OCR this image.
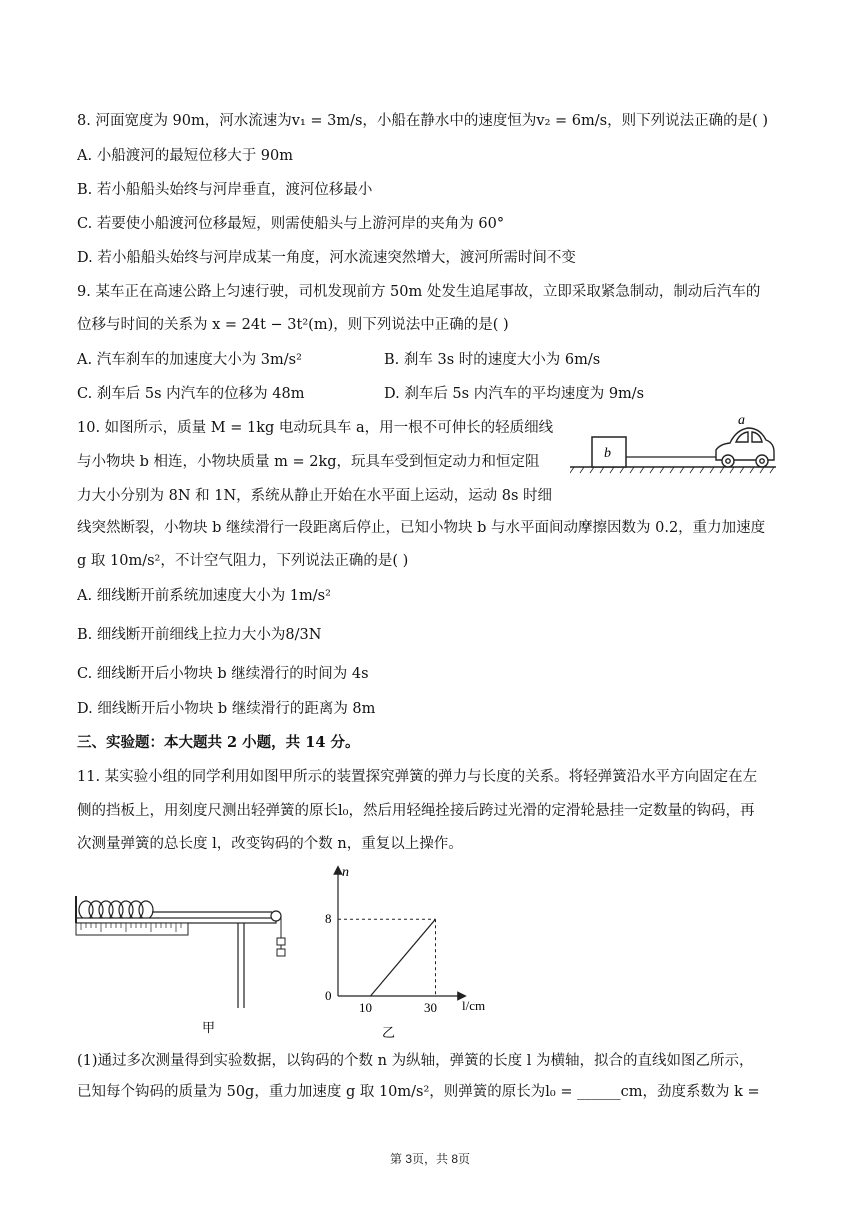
8. 河面宽度为 90m，河水流速为v₁ = 3m/s，小船在静水中的速度恒为v₂ = 6m/s，则下列说法正确的是( )
A. 小船渡河的最短位移大于 90m
B. 若小船船头始终与河岸垂直，渡河位移最小
C. 若要使小船渡河位移最短，则需使船头与上游河岸的夹角为 60°
D. 若小船船头始终与河岸成某一角度，河水流速突然增大，渡河所需时间不变
9. 某车正在高速公路上匀速行驶，司机发现前方 50m 处发生追尾事故，立即采取紧急制动，制动后汽车的
位移与时间的关系为 x = 24t − 3t²(m)，则下列说法中正确的是( )
A. 汽车刹车的加速度大小为 3m/s²	B. 刹车 3s 时的速度大小为 6m/s
C. 刹车后 5s 内汽车的位移为 48m	D. 刹车后 5s 内汽车的平均速度为 9m/s
10. 如图所示，质量 M = 1kg 电动玩具车 a，用一根不可伸长的轻质细线
与小物块 b 相连，小物块质量 m = 2kg，玩具车受到恒定动力和恒定阻
力大小分别为 8N 和 1N，系统从静止开始在水平面上运动，运动 8s 时细
线突然断裂，小物块 b 继续滑行一段距离后停止，已知小物块 b 与水平面间动摩擦因数为 0.2，重力加速度
g 取 10m/s²，不计空气阻力，下列说法正确的是( )
A. 细线断开前系统加速度大小为 1m/s²
B. 细线断开前细线上拉力大小为8/3N
C. 细线断开后小物块 b 继续滑行的时间为 4s
D. 细线断开后小物块 b 继续滑行的距离为 8m
b
a
三、实验题：本大题共 2 小题，共 14 分。
11. 某实验小组的同学利用如图甲所示的装置探究弹簧的弹力与长度的关系。将轻弹簧沿水平方向固定在左
侧的挡板上，用刻度尺测出轻弹簧的原长l₀，然后用轻绳拴接后跨过光滑的定滑轮悬挂一定数量的钩码，再
次测量弹簧的总长度 l，改变钩码的个数 n，重复以上操作。
甲
n
l/cm
0
8
10	30
乙
(1)通过多次测量得到实验数据，以钩码的个数 n 为纵轴，弹簧的长度 l 为横轴，拟合的直线如图乙所示，
已知每个钩码的质量为 50g，重力加速度 g 取 10m/s²，则弹簧的原长为l₀ = ______cm，劲度系数为 k =
第 3页，共 8页
